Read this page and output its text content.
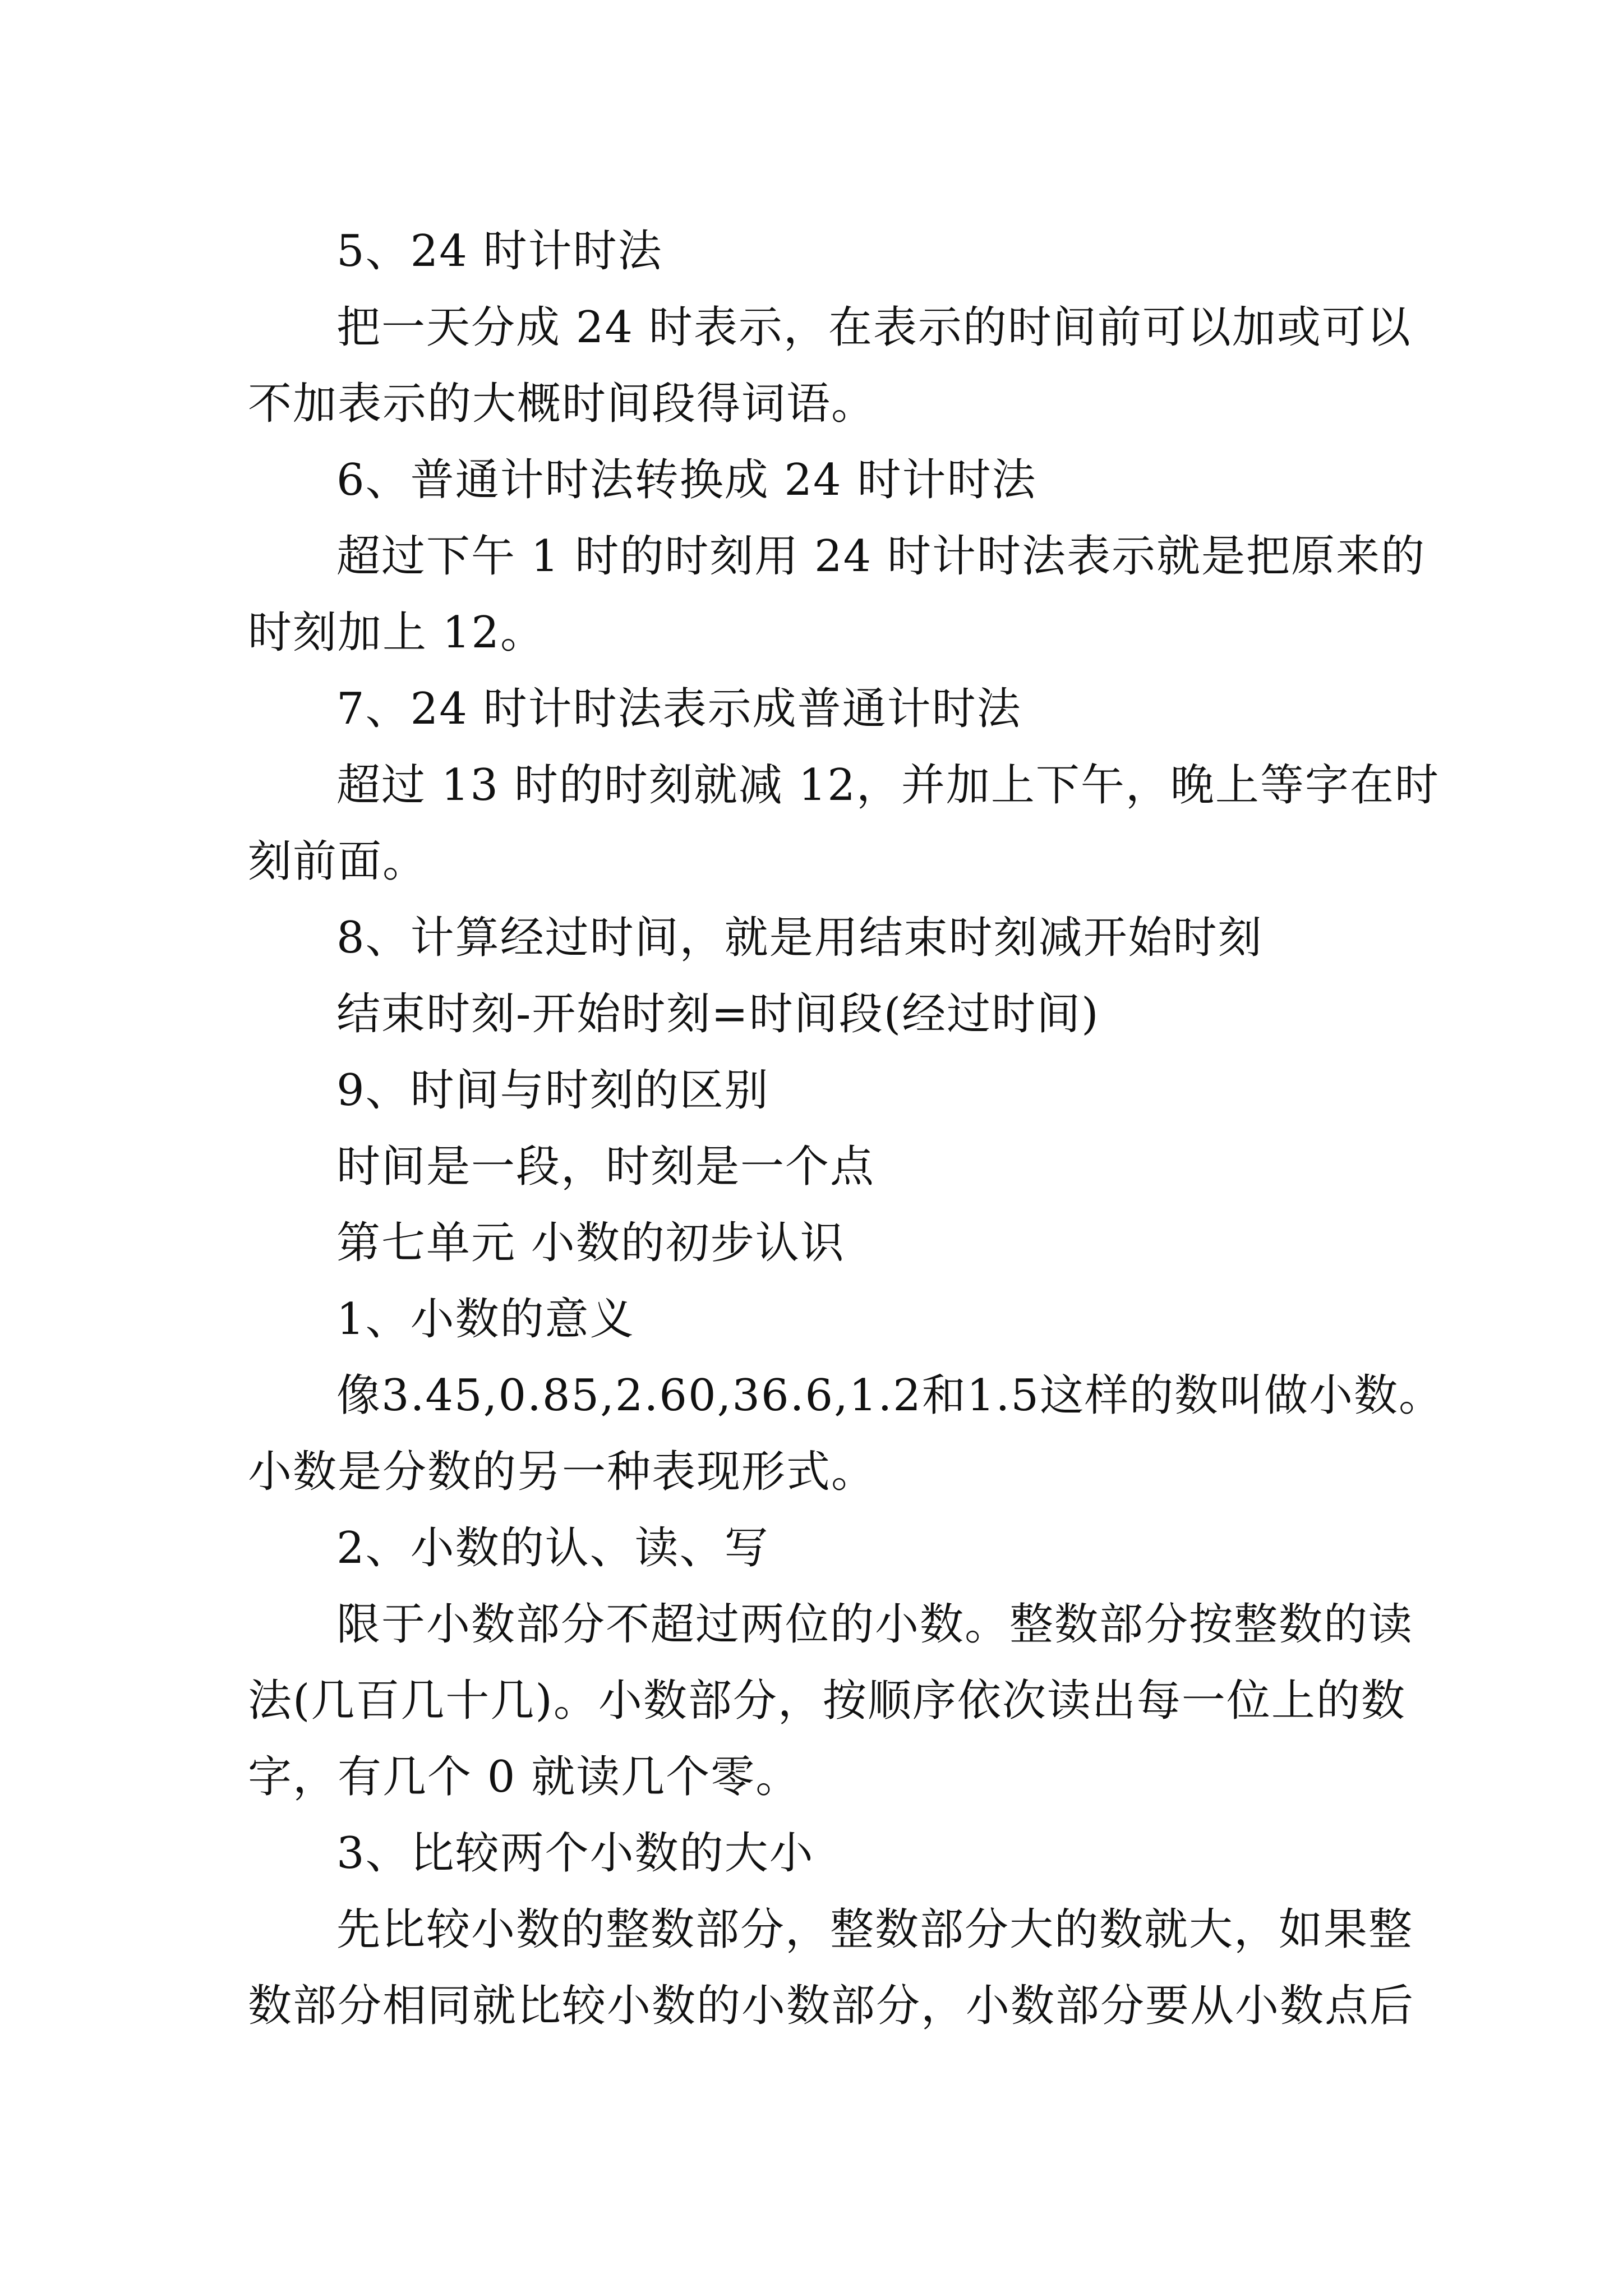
5、24 时计时法

把一天分成 24 时表示，在表示的时间前可以加或可以

不加表示的大概时间段得词语。

6、普通计时法转换成 24 时计时法

超过下午 1 时的时刻用 24 时计时法表示就是把原来的

时刻加上 12。

7、24 时计时法表示成普通计时法

超过 13 时的时刻就减 12，并加上下午，晚上等字在时

刻前面。

8、计算经过时间，就是用结束时刻减开始时刻

结束时刻-开始时刻=时间段(经过时间)

9、时间与时刻的区别

时间是一段，时刻是一个点

第七单元 小数的初步认识

1、小数的意义

像3.45,0.85,2.60,36.6,1.2和1.5这样的数叫做小数。

小数是分数的另一种表现形式。

2、小数的认、读、写

限于小数部分不超过两位的小数。整数部分按整数的读

法(几百几十几)。小数部分，按顺序依次读出每一位上的数

字，有几个 0 就读几个零。

3、比较两个小数的大小

先比较小数的整数部分，整数部分大的数就大，如果整

数部分相同就比较小数的小数部分，小数部分要从小数点后
